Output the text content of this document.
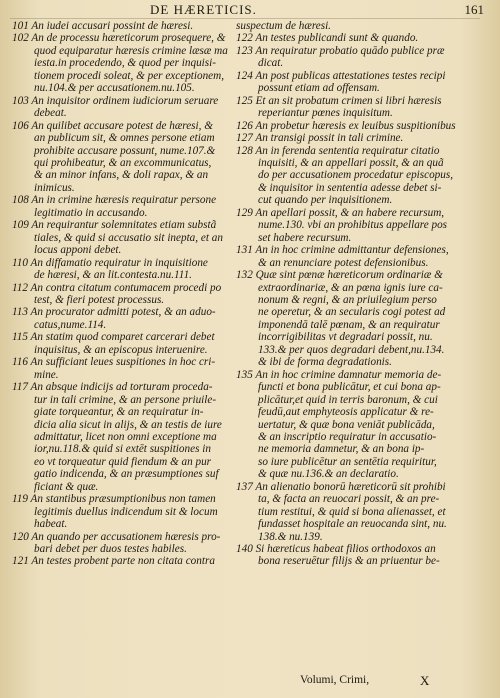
DE HÆRETICIS.	161
101 An iudei accusari possint de hæresi.
102 An de processu hæreticorum prosequere, &
quod equiparatur hæresis crimine læsæ ma
iesta.in procedendo, & quod per inquisi-
tionem procedi soleat, & per exceptionem,
nu.104.& per accusationem.nu.105.
103 An inquisitor ordinem iudiciorum seruare
debeat.
106 An quilibet accusare potest de hæresi, &
an publicum sit, & omnes persone etiam
prohibite accusare possunt, nume.107.&
qui prohibeatur, & an excommunicatus,
& an minor infans, & doli rapax, & an
inimicus.
108 An in crimine hæresis requiratur persone
legitimatio in accusando.
109 An requirantur solemnitates etiam substã
tiales, & quid si accusatio sit inepta, et an
locus apponi debet.
110 An diffamatio requiratur in inquisitione
de hæresi, & an lit.contesta.nu.111.
112 An contra citatum contumacem procedi po
test, & fieri potest processus.
113 An procurator admitti potest, & an aduo-
catus,nume.114.
115 An statim quod comparet carcerari debet
inquisitus, & an episcopus interuenire.
116 An sufficiant leues suspitiones in hoc cri-
mine.
117 An absque indicijs ad torturam proceda-
tur in tali crimine, & an persone priuile-
giate torqueantur, & an requiratur in-
dicia alia sicut in alijs, & an testis de iure
admittatur, licet non omni exceptione ma
ior,nu.118.& quid si extēt suspitiones in
eo vt torqueatur quid fiendum & an pur
gatio indicenda, & an præsumptiones suf
ficiant & quæ.
119 An stantibus præsumptionibus non tamen
legitimis duellus indicendum sit & locum
habeat.
120 An quando per accusationem hæresis pro-
bari debet per duos testes habiles.
121 An testes probent parte non citata contra
suspectum de hæresi.
122 An testes publicandi sunt & quando.
123 An requiratur probatio quādo publice præ
dicat.
124 An post publicas attestationes testes recipi
possunt etiam ad offensam.
125 Et an sit probatum crimen si libri hæresis
reperiantur pœnes inquisitum.
126 An probetur hæresis ex leuibus suspitionibus
127 An transigi possit in tali crimine.
128 An in ferenda sententia requiratur citatio
inquisiti, & an appellari possit, & an quã
do per accusationem procedatur episcopus,
& inquisitor in sententia adesse debet si-
cut quando per inquisitionem.
129 An apellari possit, & an habere recursum,
nume.130. vbi an prohibitus appellare pos
set habere recursum.
131 An in hoc crimine admittantur defensiones,
& an renunciare potest defensionibus.
132 Quæ sint pœnæ hæreticorum ordinariæ &
extraordinariæ, & an pœna ignis iure ca-
nonum & regni, & an priuilegium perso
ne operetur, & an secularis cogi potest ad
imponendā talē pœnam, & an requiratur
incorrigibilitas vt degradari possit, nu.
133.& per quos degradari debent,nu.134.
& ibi de forma degradationis.
135 An in hoc crimine damnatur memoria de-
functi et bona publicātur, et cui bona ap-
plicātur,et quid in terris baronum, & cui
feudū,aut emphyteosis applicatur & re-
uertatur, & quæ bona veniāt publicāda,
& an inscriptio requiratur in accusatio-
ne memoria damnetur, & an bona ip-
so iure publicētur an sentētia requiritur,
& quæ nu.136.& an declaratio.
137 An alienatio bonorū hæreticorū sit prohibi
ta, & facta an reuocari possit, & an pre-
tium restitui, & quid si bona alienasset, et
fundasset hospitale an reuocanda sint, nu.
138.& nu.139.
140 Si hæreticus habeat filios orthodoxos an
bona reseruētur filijs & an priuentur be-
Volumi, Crimi,	X
